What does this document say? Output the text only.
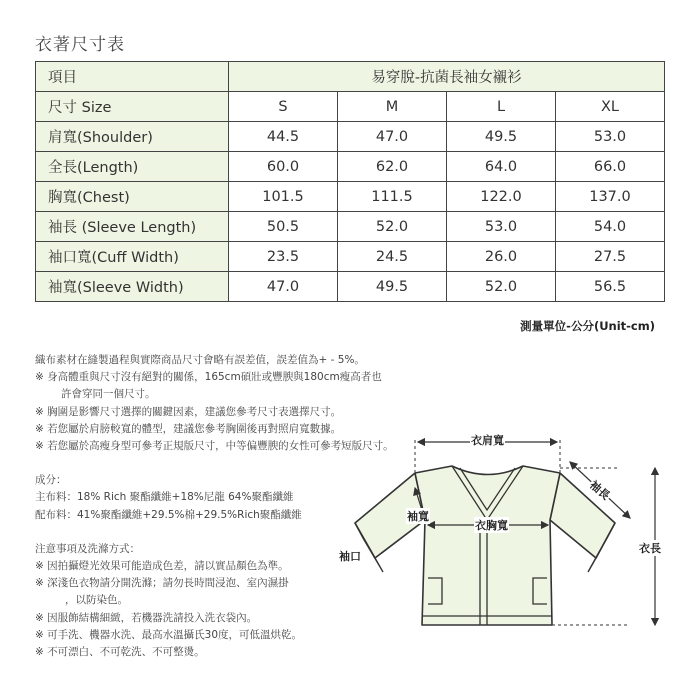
衣著尺寸表
項目	易穿脫-抗菌長袖女襯衫			
尺寸 Size	S	M	L	XL
肩寬(Shoulder)	44.5	47.0	49.5	53.0
全長(Length)	60.0	62.0	64.0	66.0
胸寬(Chest)	101.5	111.5	122.0	137.0
袖長 (Sleeve Length)	50.5	52.0	53.0	54.0
袖口寬(Cuff Width)	23.5	24.5	26.0	27.5
袖寬(Sleeve Width)	47.0	49.5	52.0	56.5
測量單位-公分(Unit-cm)
織布素材在縫製過程與實際商品尺寸會略有誤差值，誤差值為+ - 5%。
※ 身高體重與尺寸沒有絕對的關係，165cm碩壯或豐腴與180cm瘦高者也
許會穿同一個尺寸。
※ 胸圍是影響尺寸選擇的關鍵因素，建議您參考尺寸表選擇尺寸。
※ 若您屬於肩膀較寬的體型，建議您參考胸圍後再對照肩寬數據。
※ 若您屬於高瘦身型可參考正規版尺寸，中等偏豐腴的女性可參考短版尺寸。
成分：
主布料：18% Rich 聚酯纖維+18%尼龍 64%聚酯纖維
配布料：41%聚酯纖維+29.5%棉+29.5%Rich聚酯纖維
注意事項及洗滌方式：
※ 因拍攝燈光效果可能造成色差，請以實品顏色為準。
※ 深淺色衣物請分開洗滌；請勿長時間浸泡、室內濕掛
，以防染色。
※ 因服飾結構細緻，若機器洗請投入洗衣袋內。
※ 可手洗、機器水洗、最高水溫攝氏30度，可低溫烘乾。
※ 不可漂白、不可乾洗、不可整燙。
衣肩寬
袖長
袖寬
衣胸寬
袖口
衣長
